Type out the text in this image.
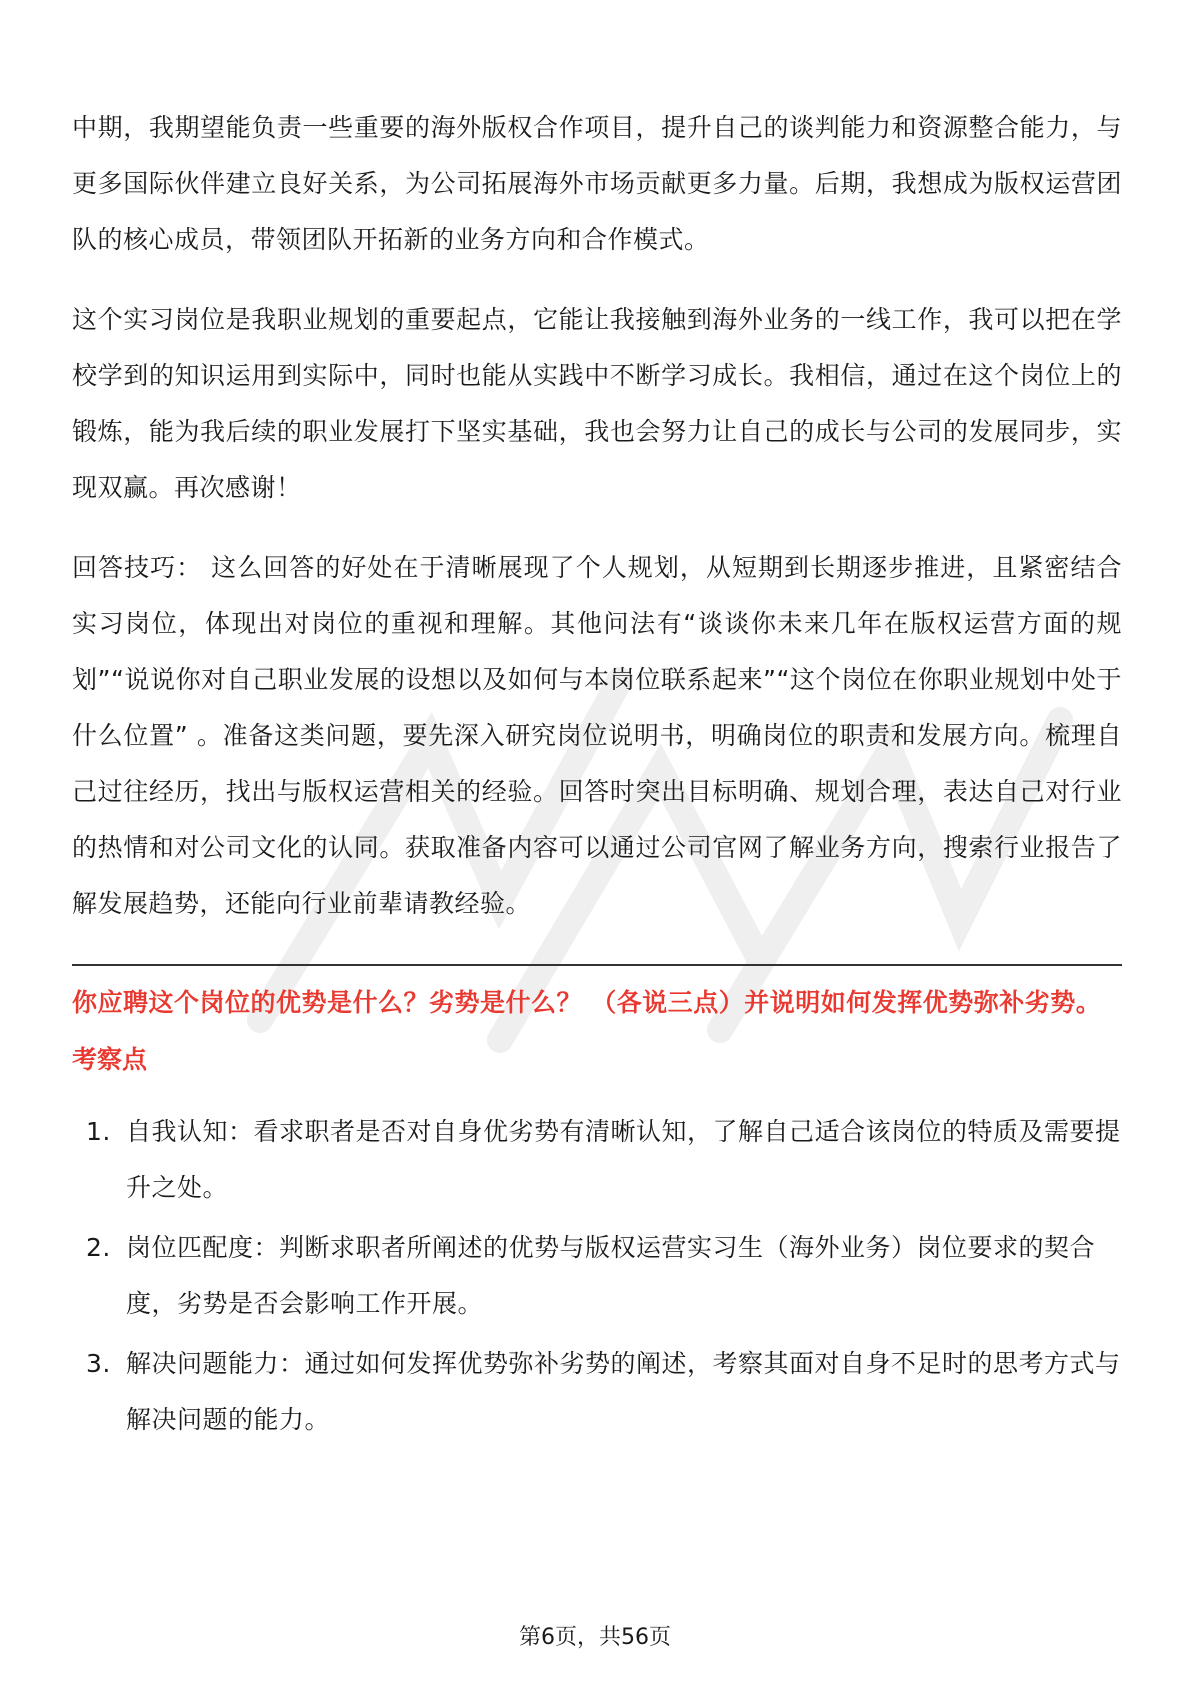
中期，我期望能负责一些重要的海外版权合作项目，提升自己的谈判能力和资源整合能力，与更多国际伙伴建立良好关系，为公司拓展海外市场贡献更多力量。后期，我想成为版权运营团队的核心成员，带领团队开拓新的业务方向和合作模式。

这个实习岗位是我职业规划的重要起点，它能让我接触到海外业务的一线工作，我可以把在学校学到的知识运用到实际中，同时也能从实践中不断学习成长。我相信，通过在这个岗位上的锻炼，能为我后续的职业发展打下坚实基础，我也会努力让自己的成长与公司的发展同步，实现双赢。再次感谢！

回答技巧： 这么回答的好处在于清晰展现了个人规划，从短期到长期逐步推进，且紧密结合实习岗位，体现出对岗位的重视和理解。其他问法有“谈谈你未来几年在版权运营方面的规划”“说说你对自己职业发展的设想以及如何与本岗位联系起来”“这个岗位在你职业规划中处于什么位置” 。准备这类问题，要先深入研究岗位说明书，明确岗位的职责和发展方向。梳理自己过往经历，找出与版权运营相关的经验。回答时突出目标明确、规划合理，表达自己对行业的热情和对公司文化的认同。获取准备内容可以通过公司官网了解业务方向，搜索行业报告了解发展趋势，还能向行业前辈请教经验。

你应聘这个岗位的优势是什么？劣势是什么？ （各说三点）并说明如何发挥优势弥补劣势。

考察点
1. 自我认知：看求职者是否对自身优劣势有清晰认知，了解自己适合该岗位的特质及需要提升之处。
2. 岗位匹配度：判断求职者所阐述的优势与版权运营实习生（海外业务）岗位要求的契合度，劣势是否会影响工作开展。
3. 解决问题能力：通过如何发挥优势弥补劣势的阐述，考察其面对自身不足时的思考方式与解决问题的能力。
第6页，共56页
